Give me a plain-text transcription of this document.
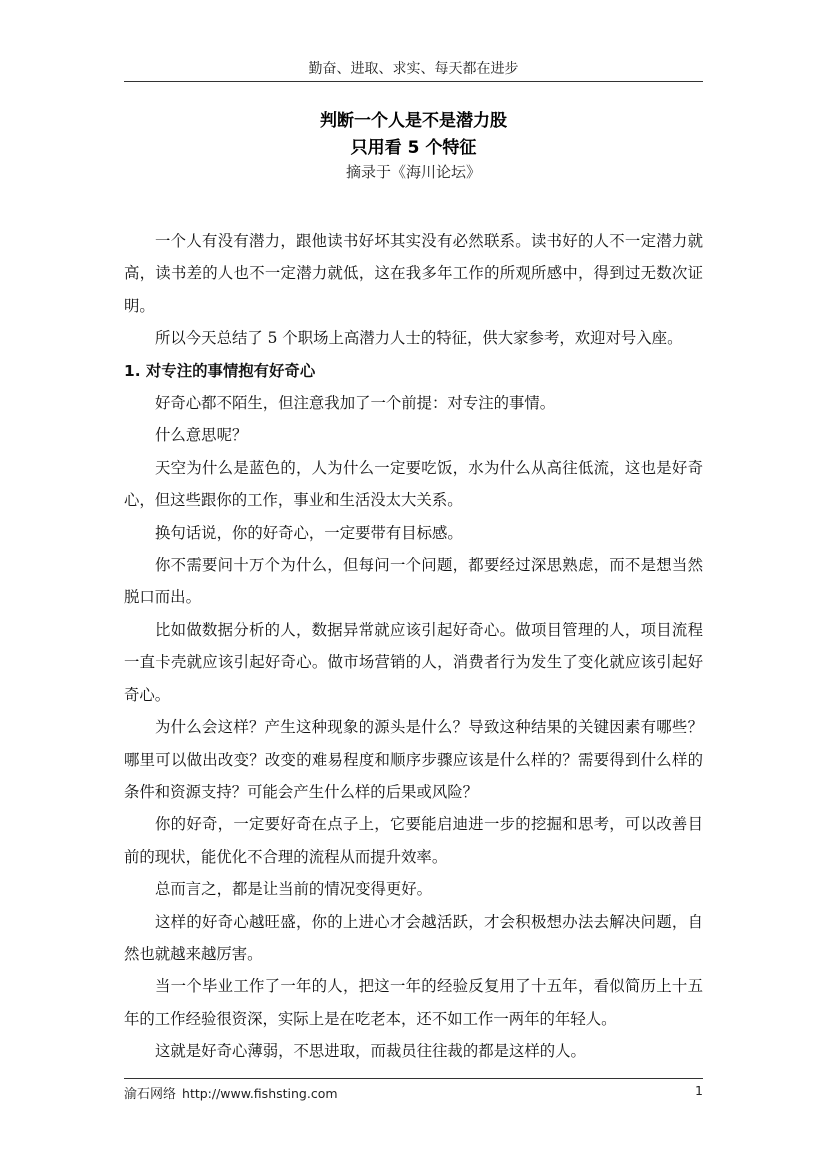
勤奋、进取、求实、每天都在进步
判断一个人是不是潜力股
只用看 5 个特征
摘录于《海川论坛》

一个人有没有潜力，跟他读书好坏其实没有必然联系。读书好的人不一定潜力就高，读书差的人也不一定潜力就低，这在我多年工作的所观所感中，得到过无数次证明。

所以今天总结了 5 个职场上高潜力人士的特征，供大家参考，欢迎对号入座。

1. 对专注的事情抱有好奇心

好奇心都不陌生，但注意我加了一个前提：对专注的事情。

什么意思呢？

天空为什么是蓝色的，人为什么一定要吃饭，水为什么从高往低流，这也是好奇心，但这些跟你的工作，事业和生活没太大关系。

换句话说，你的好奇心，一定要带有目标感。

你不需要问十万个为什么，但每问一个问题，都要经过深思熟虑，而不是想当然脱口而出。

比如做数据分析的人，数据异常就应该引起好奇心。做项目管理的人，项目流程一直卡壳就应该引起好奇心。做市场营销的人，消费者行为发生了变化就应该引起好奇心。

为什么会这样？产生这种现象的源头是什么？导致这种结果的关键因素有哪些？哪里可以做出改变？改变的难易程度和顺序步骤应该是什么样的？需要得到什么样的条件和资源支持？可能会产生什么样的后果或风险？

你的好奇，一定要好奇在点子上，它要能启迪进一步的挖掘和思考，可以改善目前的现状，能优化不合理的流程从而提升效率。

总而言之，都是让当前的情况变得更好。

这样的好奇心越旺盛，你的上进心才会越活跃，才会积极想办法去解决问题，自然也就越来越厉害。

当一个毕业工作了一年的人，把这一年的经验反复用了十五年，看似简历上十五年的工作经验很资深，实际上是在吃老本，还不如工作一两年的年轻人。

这就是好奇心薄弱，不思进取，而裁员往往裁的都是这样的人。

渝石网络 http://www.fishsting.com	1
